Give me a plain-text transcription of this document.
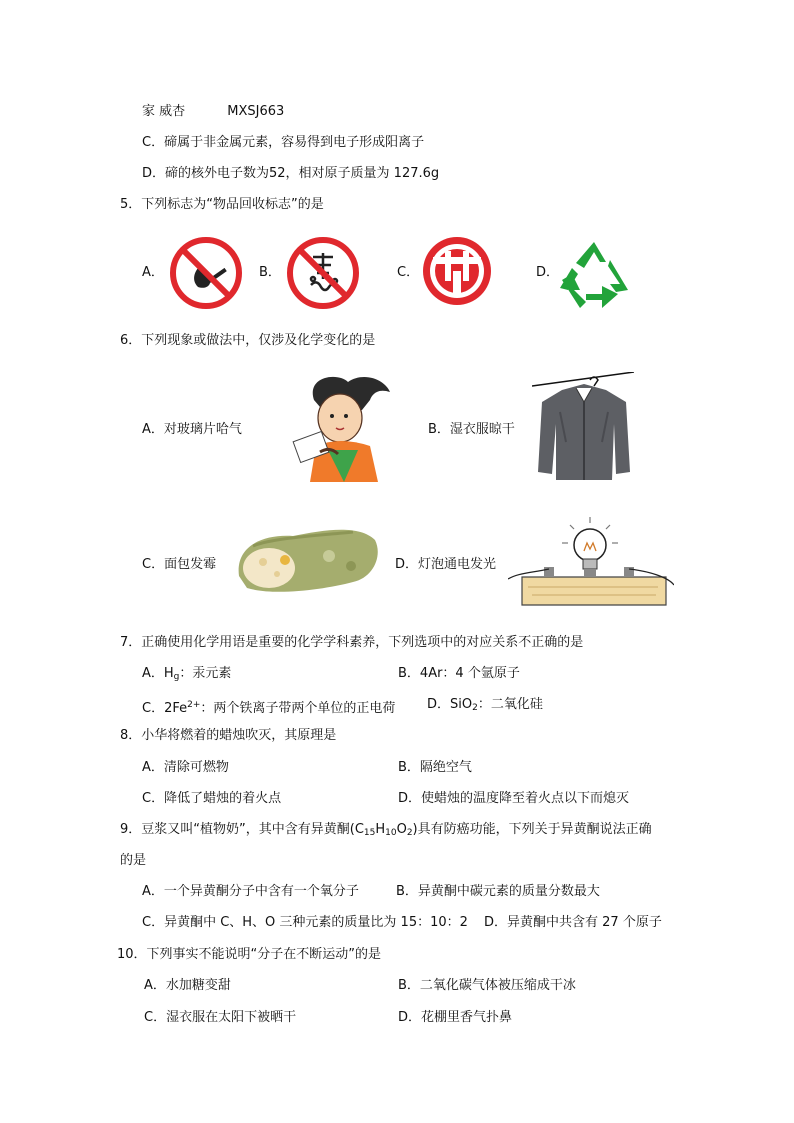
家 威杏	MXSJ663
C．碲属于非金属元素，容易得到电子形成阳离子
D．碲的核外电子数为52，相对原子质量为 127.6g
5．下列标志为“物品回收标志”的是
A．	B．	C．	D．
6．下列现象或做法中，仅涉及化学变化的是
A．对玻璃片哈气	B．湿衣服晾干
C．面包发霉	D．灯泡通电发光
7．正确使用化学用语是重要的化学学科素养，下列选项中的对应关系不正确的是
A．$H_g$：汞元素	B．4Ar：4 个氩原子
C．$2Fe^{2+}$：两个铁离子带两个单位的正电荷 D．SiO$_2$：二氧化硅
8．小华将燃着的蜡烛吹灭，其原理是
A．清除可燃物	B．隔绝空气
C．降低了蜡烛的着火点	D．使蜡烛的温度降至着火点以下而熄灭
9．豆浆又叫“植物奶”，其中含有异黄酮$(C_{15}H_{10}O_2)$具有防癌功能，下列关于异黄酮说法正确
的是
A．一个异黄酮分子中含有一个氧分子	B．异黄酮中碳元素的质量分数最大
C．异黄酮中 C、H、O 三种元素的质量比为 15：10：2 D．异黄酮中共含有 27 个原子
10．下列事实不能说明“分子在不断运动”的是
A．水加糖变甜	B．二氧化碳气体被压缩成干冰
C．湿衣服在太阳下被晒干	D．花棚里香气扑鼻
